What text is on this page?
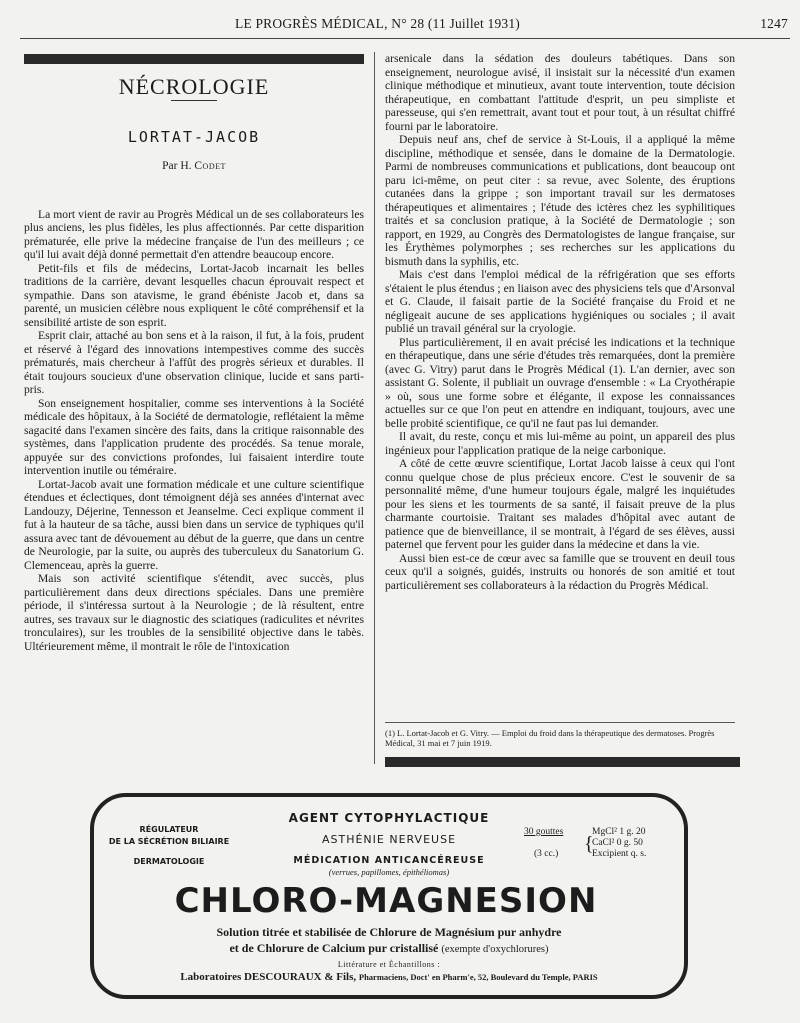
LE PROGRÈS MÉDICAL, N° 28 (11 Juillet 1931)	1247
NÉCROLOGIE
LORTAT-JACOB
Par H. Codet

La mort vient de ravir au Progrès Médical un de ses collaborateurs les plus anciens, les plus fidèles, les plus affectionnés. Par cette disparition prématurée, elle prive la médecine française de l'un des meilleurs ; ce qu'il lui avait déjà donné permettait d'en attendre beaucoup encore.

Petit-fils et fils de médecins, Lortat-Jacob incarnait les belles traditions de la carrière, devant lesquelles chacun éprouvait respect et sympathie. Dans son atavisme, le grand ébéniste Jacob et, dans sa parenté, un musicien célèbre nous expliquent le côté compréhensif et la sensibilité artiste de son esprit.

Esprit clair, attaché au bon sens et à la raison, il fut, à la fois, prudent et réservé à l'égard des innovations intempestives comme des succès prématurés, mais chercheur à l'affût des progrès sérieux et durables. Il était toujours soucieux d'une observation clinique, lucide et sans parti-pris.

Son enseignement hospitalier, comme ses interventions à la Société médicale des hôpitaux, à la Société de dermatologie, reflétaient la même sagacité dans l'examen sincère des faits, dans la critique raisonnable des systèmes, dans l'application prudente des procédés. Sa tenue morale, appuyée sur des convictions profondes, lui faisaient interdire toute intervention inutile ou téméraire.

Lortat-Jacob avait une formation médicale et une culture scientifique étendues et éclectiques, dont témoignent déjà ses années d'internat avec Landouzy, Déjerine, Tennesson et Jeanselme. Ceci explique comment il fut à la hauteur de sa tâche, aussi bien dans un service de typhiques qu'il assura avec tant de dévouement au début de la guerre, que dans un centre de Neurologie, par la suite, ou auprès des tuberculeux du Sanatorium G. Clemenceau, après la guerre.

Mais son activité scientifique s'étendit, avec succès, plus particulièrement dans deux directions spéciales. Dans une première période, il s'intéressa surtout à la Neurologie ; de là résultent, entre autres, ses travaux sur le diagnostic des sciatiques (radiculites et névrites tronculaires), sur les troubles de la sensibilité objective dans le tabès. Ultérieurement même, il montrait le rôle de l'intoxication

arsenicale dans la sédation des douleurs tabétiques. Dans son enseignement, neurologue avisé, il insistait sur la nécessité d'un examen clinique méthodique et minutieux, avant toute intervention, toute décision thérapeutique, en combattant l'attitude d'esprit, un peu simpliste et paresseuse, qui s'en remettrait, avant tout et pour tout, à un résultat chiffré fourni par le laboratoire.

Depuis neuf ans, chef de service à St-Louis, il a appliqué la même discipline, méthodique et sensée, dans le domaine de la Dermatologie. Parmi de nombreuses communications et publications, dont beaucoup ont paru ici-même, on peut citer : sa revue, avec Solente, des éruptions cutanées dans la grippe ; son important travail sur les dermatoses thérapeutiques et alimentaires ; l'étude des ictères chez les syphilitiques traités et sa conclusion pratique, à la Société de Dermatologie ; son rapport, en 1929, au Congrès des Dermatologistes de langue française, sur les Érythèmes polymorphes ; ses recherches sur les applications du bismuth dans la syphilis, etc.

Mais c'est dans l'emploi médical de la réfrigération que ses efforts s'étaient le plus étendus ; en liaison avec des physiciens tels que d'Arsonval et G. Claude, il faisait partie de la Société française du Froid et ne négligeait aucune de ses applications hygiéniques ou sociales ; il avait publié un travail général sur la cryologie.

Plus particulièrement, il en avait précisé les indications et la technique en thérapeutique, dans une série d'études très remarquées, dont la première (avec G. Vitry) parut dans le Progrès Médical (1). L'an dernier, avec son assistant G. Solente, il publiait un ouvrage d'ensemble : « La Cryothérapie » où, sous une forme sobre et élégante, il expose les connaissances actuelles sur ce que l'on peut en attendre en indiquant, toujours, avec une belle probité scientifique, ce qu'il ne faut pas lui demander.

Il avait, du reste, conçu et mis lui-même au point, un appareil des plus ingénieux pour l'application pratique de la neige carbonique.

A côté de cette œuvre scientifique, Lortat Jacob laisse à ceux qui l'ont connu quelque chose de plus précieux encore. C'est le souvenir de sa personnalité même, d'une humeur toujours égale, malgré les inquiétudes pour les siens et les tourments de sa santé, il faisait preuve de la plus charmante courtoisie. Traitant ses malades d'hôpital avec autant de patience que de bienveillance, il se montrait, à l'égard de ses élèves, aussi paternel que fervent pour les guider dans la médecine et dans la vie.

Aussi bien est-ce de cœur avec sa famille que se trouvent en deuil tous ceux qu'il a soignés, guidés, instruits ou honorés de son amitié et tout particulièrement ses collaborateurs à la rédaction du Progrès Médical.

(1) L. Lortat-Jacob et G. Vitry. — Emploi du froid dans la thérapeutique des dermatoses. Progrès Médical, 31 mai et 7 juin 1919.
RÉGULATEUR
DE LA SÉCRÉTION BILIAIRE
DERMATOLOGIE
AGENT CYTOPHYLACTIQUE
ASTHÉNIE NERVEUSE
MÉDICATION ANTICANCÉREUSE
(verrues, papillomes, épithéliomas)
30 gouttes
(3 cc.) {
MgCl² 1 g. 20
CaCl² 0 g. 50
Excipient q. s.
CHLORO-MAGNESION
Solution titrée et stabilisée de Chlorure de Magnésium pur anhydre
et de Chlorure de Calcium pur cristallisé (exempte d'oxychlorures)
Littérature et Échantillons :
Laboratoires DESCOURAUX & Fils, Pharmaciens, Doct' en Pharm'e, 52, Boulevard du Temple, PARIS
